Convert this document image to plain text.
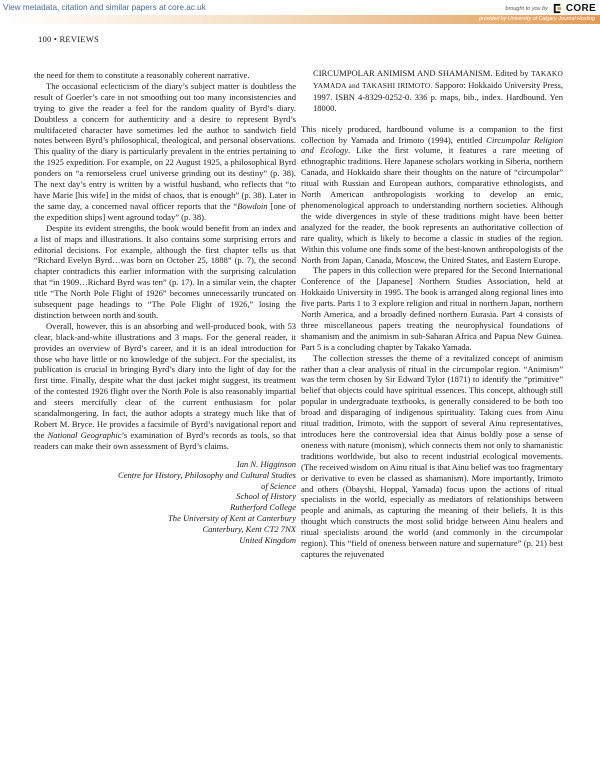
View metadata, citation and similar papers at core.ac.uk	brought to you by CORE
provided by University of Calgary Journal Hosting
100 • REVIEWS

the need for them to constitute a reasonably coherent narrative.

The occasional eclecticism of the diary’s subject matter is doubtless the result of Goerler’s care in not smoothing out too many inconsistencies and trying to give the reader a feel for the random quality of Byrd’s diary. Doubtless a concern for authenticity and a desire to represent Byrd’s multifaceted character have sometimes led the author to sandwich field notes between Byrd’s philosophical, theological, and personal observations. This quality of the diary is particularly prevalent in the entries pertaining to the 1925 expedition. For example, on 22 August 1925, a philosophical Byrd ponders on “a remorseless cruel universe grinding out its destiny” (p. 38). The next day’s entry is written by a wistful husband, who reflects that “to have Marie [his wife] in the midst of chaos, that is enough” (p. 38). Later in the same day, a concerned naval officer reports that the “Bowdoin [one of the expedition ships] went aground today” (p. 38).

Despite its evident strengths, the book would benefit from an index and a list of maps and illustrations. It also contains some surprising errors and editorial decisions. For example, although the first chapter tells us that “Richard Evelyn Byrd…was born on October 25, 1888” (p. 7), the second chapter contradicts this earlier information with the surprising calculation that “in 1909…Richard Byrd was ten” (p. 17). In a similar vein, the chapter title “The North Pole Flight of 1926” becomes unnecessarily truncated on subsequent page headings to “The Pole Flight of 1926,” losing the distinction between north and south.

Overall, however, this is an absorbing and well-produced book, with 53 clear, black-and-white illustrations and 3 maps. For the general reader, it provides an overview of Byrd’s career, and it is an ideal introduction for those who have little or no knowledge of the subject. For the specialist, its publication is crucial in bringing Byrd’s diary into the light of day for the first time. Finally, despite what the dust jacket might suggest, its treatment of the contested 1926 flight over the North Pole is also reasonably impartial and steers mercifully clear of the current enthusiasm for polar scandalmongering. In fact, the author adopts a strategy much like that of Robert M. Bryce. He provides a facsimile of Byrd’s navigational report and the National Geographic’s examination of Byrd’s records as tools, so that readers can make their own assessment of Byrd’s claims.

Ian N. Higginson
Centre for History, Philosophy and Cultural Studies
of Science
School of History
Rutherford College
The University of Kent at Canterbury
Canterbury, Kent CT2 7NX
United Kingdom

CIRCUMPOLAR ANIMISM AND SHAMANISM. Edited by TAKAKO YAMADA and TAKASHI IRIMOTO. Sapporo: Hokkaido University Press, 1997. ISBN 4-8329-0252-0. 336 p. maps, bib., index. Hardbound. Yen 18000.

This nicely produced, hardbound volume is a companion to the first collection by Yamada and Irimoto (1994), entitled Circumpolar Religion and Ecology. Like the first volume, it features a rare meeting of ethnographic traditions. Here Japanese scholars working in Siberia, northern Canada, and Hokkaido share their thoughts on the nature of “circumpolar” ritual with Russian and European authors, comparative ethnologists, and North American anthropologists working to develop an emic, phenomenological approach to understanding northern societies. Although the wide divergences in style of these traditions might have been better analyzed for the reader, the book represents an authoritative collection of rare quality, which is likely to become a classic in studies of the region. Within this volume one finds some of the best-known anthropologists of the North from Japan, Canada, Moscow, the United States, and Eastern Europe.

The papers in this collection were prepared for the Second International Conference of the [Japanese] Northern Studies Association, held at Hokkaido University in 1995. The book is arranged along regional lines into five parts. Parts 1 to 3 explore religion and ritual in northern Japan, northern North America, and a broadly defined northern Eurasia. Part 4 consists of three miscellaneous papers treating the neurophysical foundations of shamanism and the animism in sub-Saharan Africa and Papua New Guinea. Part 5 is a concluding chapter by Takako Yamada.

The collection stresses the theme of a revitalized concept of animism rather than a clear analysis of ritual in the circumpolar region. “Animism” was the term chosen by Sir Edward Tylor (1871) to identify the “primitive” belief that objects could have spiritual essences. This concept, although still popular in undergraduate textbooks, is generally considered to be both too broad and disparaging of indigenous spirituality. Taking cues from Ainu ritual tradition, Irimoto, with the support of several Ainu representatives, introduces here the controversial idea that Ainus boldly pose a sense of oneness with nature (monism), which connects them not only to shamanistic traditions worldwide, but also to recent industrial ecological movements. (The received wisdom on Ainu ritual is that Ainu belief was too fragmentary or derivative to even be classed as shamanism). More importantly, Irimoto and others (Obayshi, Hoppal, Yamada) focus upon the actions of ritual specialists in the world, especially as mediators of relationships between people and animals, as capturing the meaning of their beliefs. It is this thought which constructs the most solid bridge between Ainu healers and ritual specialists around the world (and commonly in the circumpolar region). This “field of oneness between nature and supernature” (p. 21) best captures the rejuvenated
